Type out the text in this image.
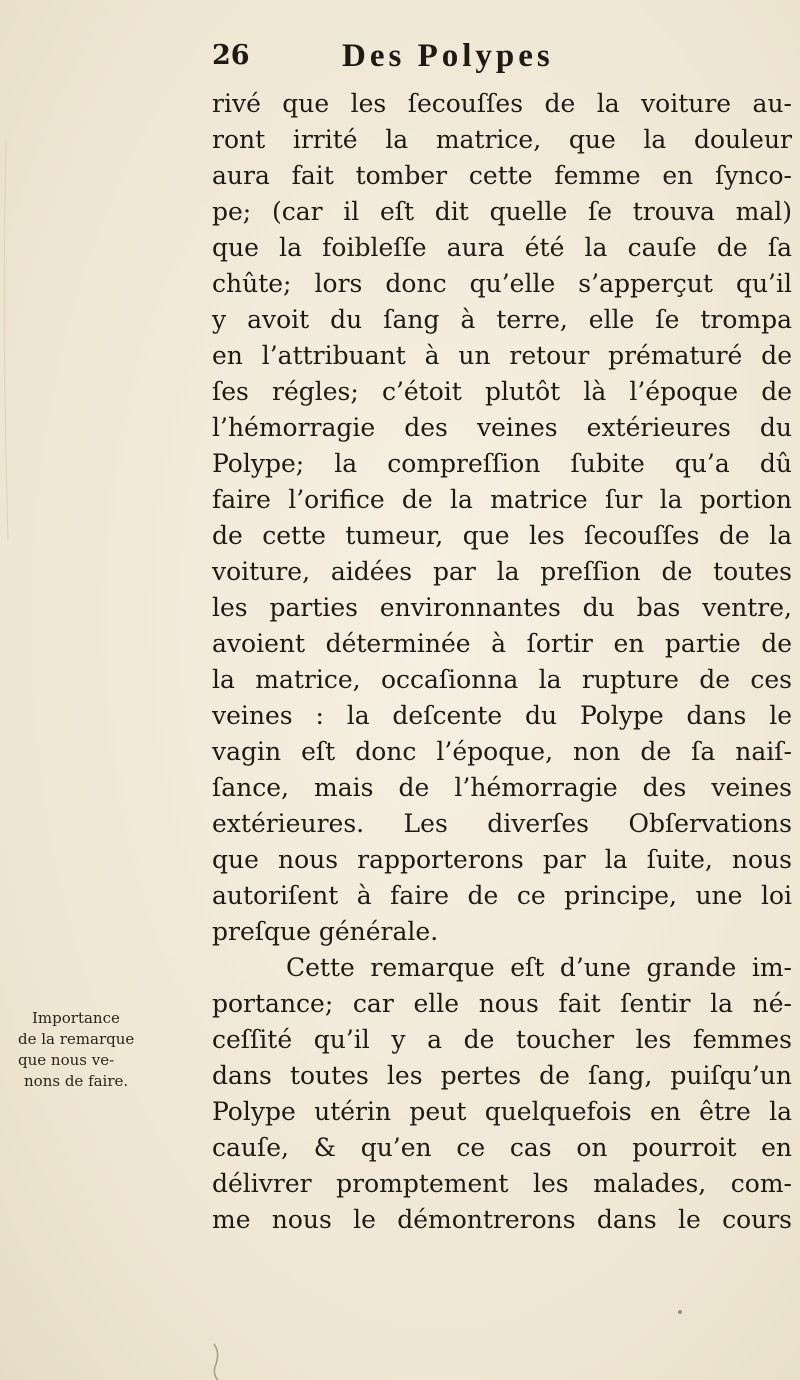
26	Des Polypes
rivé que les ſecouſſes de la voiture au-
ront irrité la matrice, que la douleur
aura fait tomber cette femme en ſynco-
pe; (car il eſt dit quelle ſe trouva mal)
que la foibleſſe aura été la cauſe de ſa
chûte; lors donc qu’elle s’apperçut qu’il
y avoit du ſang à terre, elle ſe trompa
en l’attribuant à un retour prématuré de
ſes régles; c’étoit plutôt là l’époque de
l’hémorragie des veines extérieures du
Polype; la compreſſion ſubite qu’a dû
faire l’orifice de la matrice ſur la portion
de cette tumeur, que les ſecouſſes de la
voiture, aidées par la preſſion de toutes
les parties environnantes du bas ventre,
avoient déterminée à ſortir en partie de
la matrice, occaſionna la rupture de ces
veines : la deſcente du Polype dans le
vagin eſt donc l’époque, non de ſa naiſ-
ſance, mais de l’hémorragie des veines
extérieures. Les diverſes Obſervations
que nous rapporterons par la ſuite, nous
autoriſent à faire de ce principe, une loi
preſque générale.
Cette remarque eſt d’une grande im-
portance; car elle nous fait ſentir la né-
ceſſité qu’il y a de toucher les femmes
dans toutes les pertes de ſang, puiſqu’un
Polype utérin peut quelquefois en être la
cauſe, & qu’en ce cas on pourroit en
délivrer promptement les malades, com-
me nous le démontrerons dans le cours
Importance
de la remarque
que nous ve-
nons de faire.
